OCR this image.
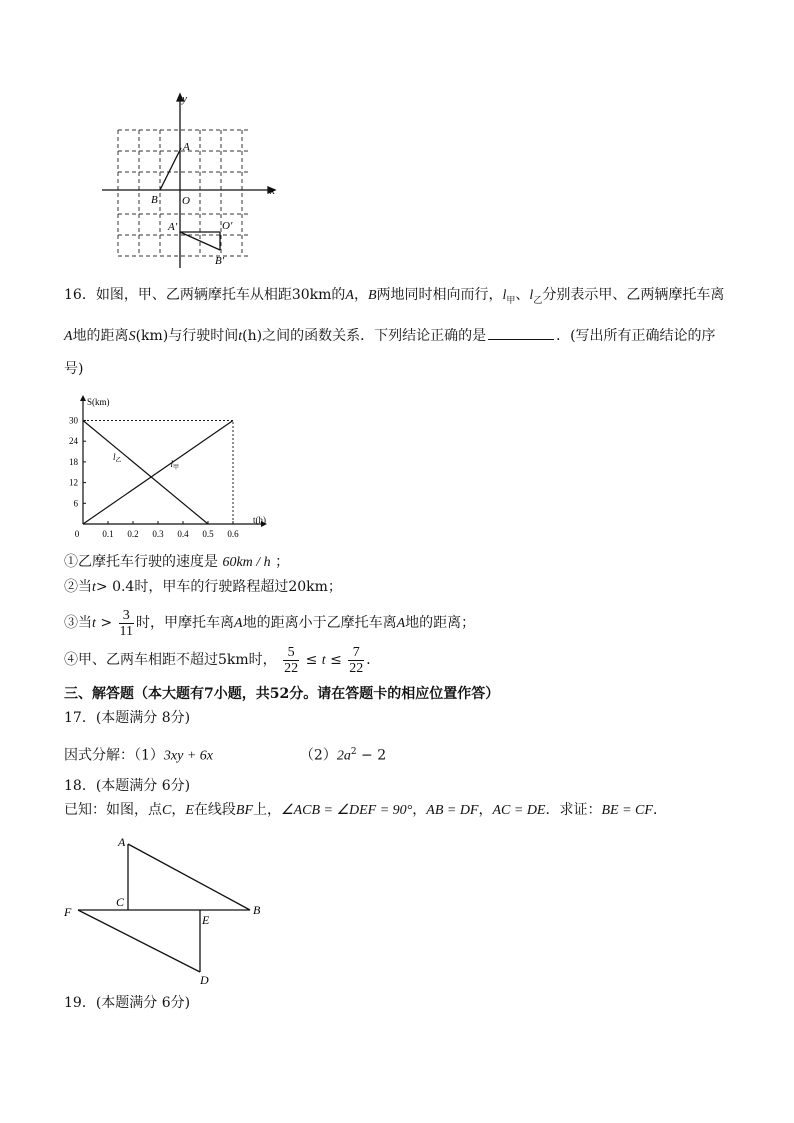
y
x
O
A
B
A′	O′
B′
16．如图，甲、乙两辆摩托车从相距30km的A，B两地同时相向而行，$l_甲$、$l_乙$分别表示甲、乙两辆摩托车离
A地的距离S(km)与行驶时间t(h)之间的函数关系．下列结论正确的是	．(写出所有正确结论的序
号)
6
12
18
24
30
0.1 0.2 0.3 0.4 0.5 0.6
0
S(km)
t(h)
$l_乙$	$l_甲$
①乙摩托车行驶的速度是 60km / h ；
②当t> 0.4时，甲车的行驶路程超过20km；
③当$t > \frac{3}{11}$ 时，甲摩托车离A地的距离小于乙摩托车离A地的距离；
④甲、乙两车相距不超过5km时， $\frac{5}{22} \le t \le \frac{7}{22}$ ．
三、解答题（本大题有7小题，共52分。请在答题卡的相应位置作答）
17．(本题满分 8分)
因式分解：（1）3xy + 6x	$(2)2a^2 - 2$
18．(本题满分 6分)
已知：如图，点C，E在线段BF上，∠ACB = ∠DEF = 90°，AB = DF，AC = DE．求证：BE = CF．
A
C
B
F
E
D
19．(本题满分 6分)
